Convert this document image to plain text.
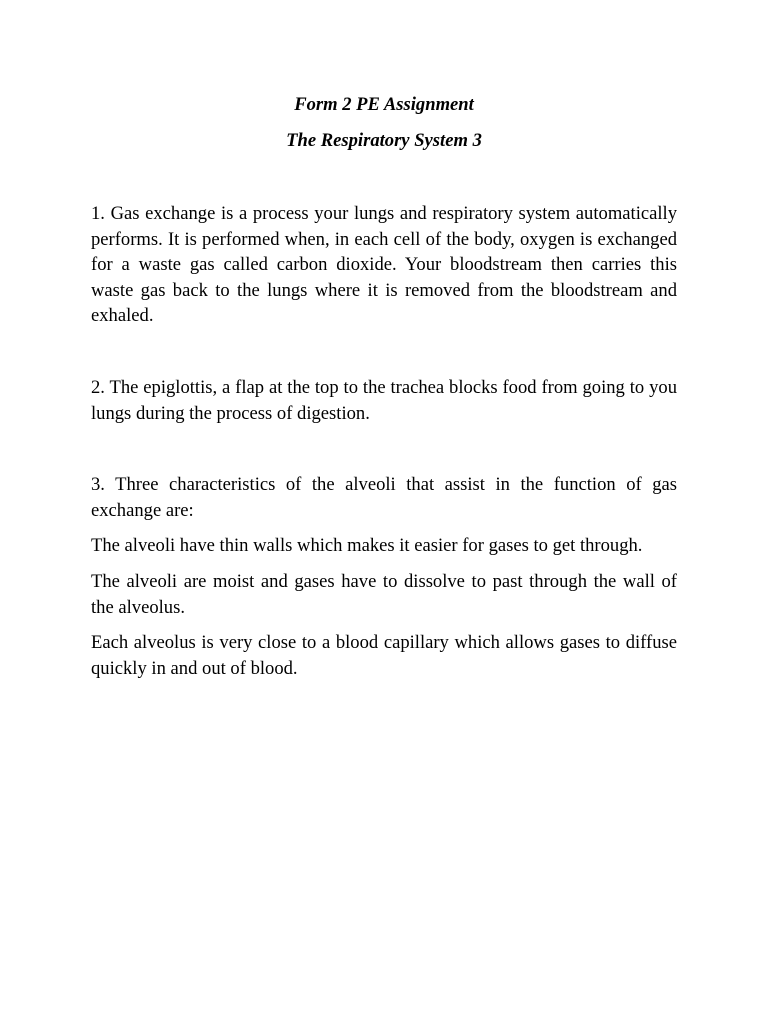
Form 2 PE Assignment

The Respiratory System 3

1. Gas exchange is a process your lungs and respiratory system automatically performs. It is performed when, in each cell of the body, oxygen is exchanged for a waste gas called carbon dioxide. Your bloodstream then carries this waste gas back to the lungs where it is removed from the bloodstream and exhaled.

2. The epiglottis, a flap at the top to the trachea blocks food from going to you lungs during the process of digestion.

3. Three characteristics of the alveoli that assist in the function of gas exchange are:

The alveoli have thin walls which makes it easier for gases to get through.

The alveoli are moist and gases have to dissolve to past through the wall of the alveolus.

Each alveolus is very close to a blood capillary which allows gases to diffuse quickly in and out of blood.
